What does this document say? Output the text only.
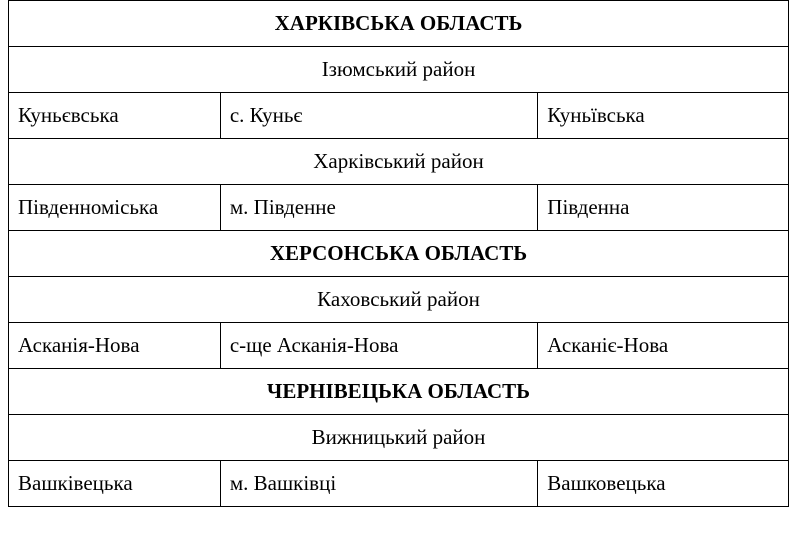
ХАРКІВСЬКА ОБЛАСТЬ		
Ізюмський район		
Куньєвська	с. Куньє	Куньївська
Харківський район		
Південноміська	м. Південне	Південна
ХЕРСОНСЬКА ОБЛАСТЬ		
Каховський район		
Асканія-Нова	с-ще Асканія-Нова	Асканіє-Нова
ЧЕРНІВЕЦЬКА ОБЛАСТЬ		
Вижницький район		
Вашківецька	м. Вашківці	Вашковецька
